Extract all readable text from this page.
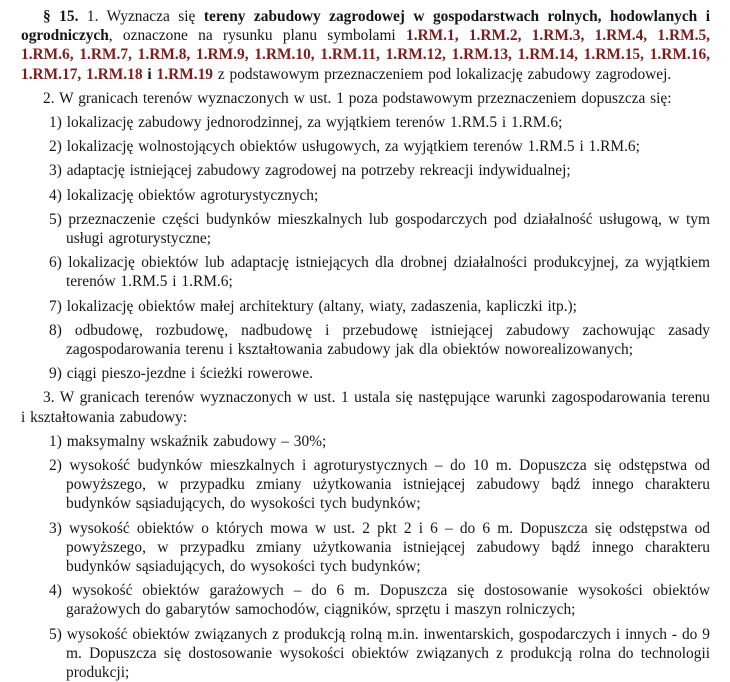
§ 15. 1. Wyznacza się tereny zabudowy zagrodowej w gospodarstwach rolnych, hodowlanych i ogrodniczych, oznaczone na rysunku planu symbolami 1.RM.1, 1.RM.2, 1.RM.3, 1.RM.4, 1.RM.5, 1.RM.6, 1.RM.7, 1.RM.8, 1.RM.9, 1.RM.10, 1.RM.11, 1.RM.12, 1.RM.13, 1.RM.14, 1.RM.15, 1.RM.16, 1.RM.17, 1.RM.18 i 1.RM.19 z podstawowym przeznaczeniem pod lokalizację zabudowy zagrodowej.

2. W granicach terenów wyznaczonych w ust. 1 poza podstawowym przeznaczeniem dopuszcza się:

1) lokalizację zabudowy jednorodzinnej, za wyjątkiem terenów 1.RM.5 i 1.RM.6;
2) lokalizację wolnostojących obiektów usługowych, za wyjątkiem terenów 1.RM.5 i 1.RM.6;
3) adaptację istniejącej zabudowy zagrodowej na potrzeby rekreacji indywidualnej;
4) lokalizację obiektów agroturystycznych;
5) przeznaczenie części budynków mieszkalnych lub gospodarczych pod działalność usługową, w tym usługi agroturystyczne;
6) lokalizację obiektów lub adaptację istniejących dla drobnej działalności produkcyjnej, za wyjątkiem terenów 1.RM.5 i 1.RM.6;
7) lokalizację obiektów małej architektury (altany, wiaty, zadaszenia, kapliczki itp.);
8) odbudowę, rozbudowę, nadbudowę i przebudowę istniejącej zabudowy zachowując zasady zagospodarowania terenu i kształtowania zabudowy jak dla obiektów noworealizowanych;
9) ciągi pieszo-jezdne i ścieżki rowerowe.

3. W granicach terenów wyznaczonych w ust. 1 ustala się następujące warunki zagospodarowania terenu i kształtowania zabudowy:

1) maksymalny wskaźnik zabudowy – 30%;
2) wysokość budynków mieszkalnych i agroturystycznych – do 10 m. Dopuszcza się odstępstwa od powyższego, w przypadku zmiany użytkowania istniejącej zabudowy bądź innego charakteru budynków sąsiadujących, do wysokości tych budynków;
3) wysokość obiektów o których mowa w ust. 2 pkt 2 i 6 – do 6 m. Dopuszcza się odstępstwa od powyższego, w przypadku zmiany użytkowania istniejącej zabudowy bądź innego charakteru budynków sąsiadujących, do wysokości tych budynków;
4) wysokość obiektów garażowych – do 6 m. Dopuszcza się dostosowanie wysokości obiektów garażowych do gabarytów samochodów, ciągników, sprzętu i maszyn rolniczych;
5) wysokość obiektów związanych z produkcją rolną m.in. inwentarskich, gospodarczych i innych - do 9 m. Dopuszcza się dostosowanie wysokości obiektów związanych z produkcją rolna do technologii produkcji;
